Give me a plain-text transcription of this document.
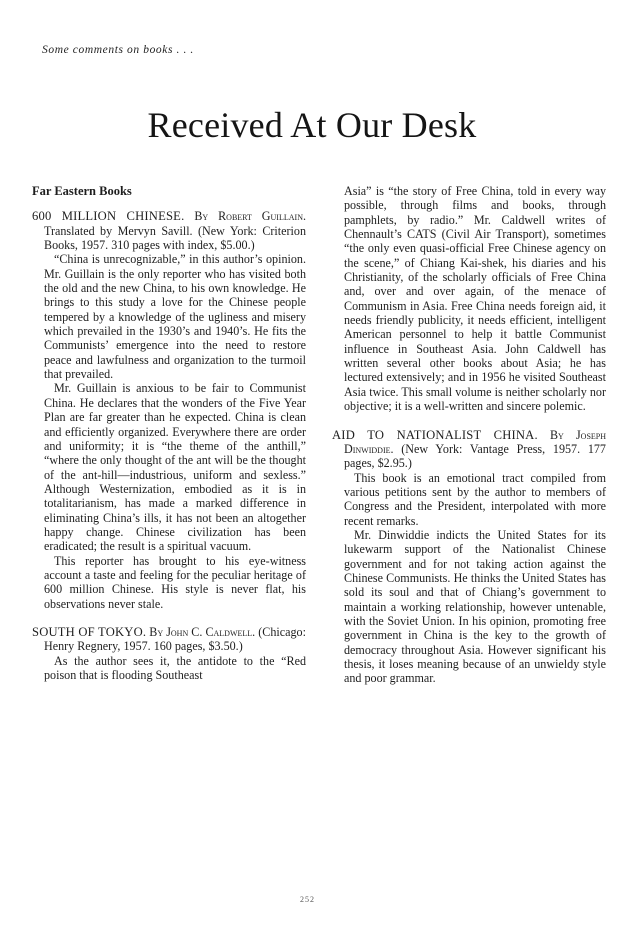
Some comments on books . . .
Received At Our Desk
Far Eastern Books
600 MILLION CHINESE. By Robert Guillain. Translated by Mervyn Savill. (New York: Criterion Books, 1957. 310 pages with index, $5.00.)

“China is unrecognizable,” in this author’s opinion. Mr. Guillain is the only reporter who has visited both the old and the new China, to his own knowledge. He brings to this study a love for the Chinese people tempered by a knowledge of the ugliness and misery which prevailed in the 1930’s and 1940’s. He fits the Communists’ emergence into the need to restore peace and lawfulness and organization to the turmoil that prevailed.

Mr. Guillain is anxious to be fair to Communist China. He declares that the wonders of the Five Year Plan are far greater than he expected. China is clean and efficiently organized. Everywhere there are order and uniformity; it is “the theme of the anthill,” “where the only thought of the ant will be the thought of the ant-hill—industrious, uniform and sexless.” Although Westernization, embodied as it is in totalitarianism, has made a marked difference in eliminating China’s ills, it has not been an altogether happy change. Chinese civilization has been eradicated; the result is a spiritual vacuum.

This reporter has brought to his eye-witness account a taste and feeling for the peculiar heritage of 600 million Chinese. His style is never flat, his observations never stale.

SOUTH OF TOKYO. By John C. Caldwell. (Chicago: Henry Regnery, 1957. 160 pages, $3.50.)

As the author sees it, the antidote to the “Red poison that is flooding Southeast

Asia” is “the story of Free China, told in every way possible, through films and books, through pamphlets, by radio.” Mr. Caldwell writes of Chennault’s CATS (Civil Air Transport), sometimes “the only even quasi-official Free Chinese agency on the scene,” of Chiang Kai-shek, his diaries and his Christianity, of the scholarly officials of Free China and, over and over again, of the menace of Communism in Asia. Free China needs foreign aid, it needs friendly publicity, it needs efficient, intelligent American personnel to help it battle Communist influence in Southeast Asia. John Caldwell has written several other books about Asia; he has lectured extensively; and in 1956 he visited Southeast Asia twice. This small volume is neither scholarly nor objective; it is a well-written and sincere polemic.

AID TO NATIONALIST CHINA. By Joseph Dinwiddie. (New York: Vantage Press, 1957. 177 pages, $2.95.)

This book is an emotional tract compiled from various petitions sent by the author to members of Congress and the President, interpolated with more recent remarks.

Mr. Dinwiddie indicts the United States for its lukewarm support of the Nationalist Chinese government and for not taking action against the Chinese Communists. He thinks the United States has sold its soul and that of Chiang’s government to maintain a working relationship, however untenable, with the Soviet Union. In his opinion, promoting free government in China is the key to the growth of democracy throughout Asia. However significant his thesis, it loses meaning because of an unwieldy style and poor grammar.

252
